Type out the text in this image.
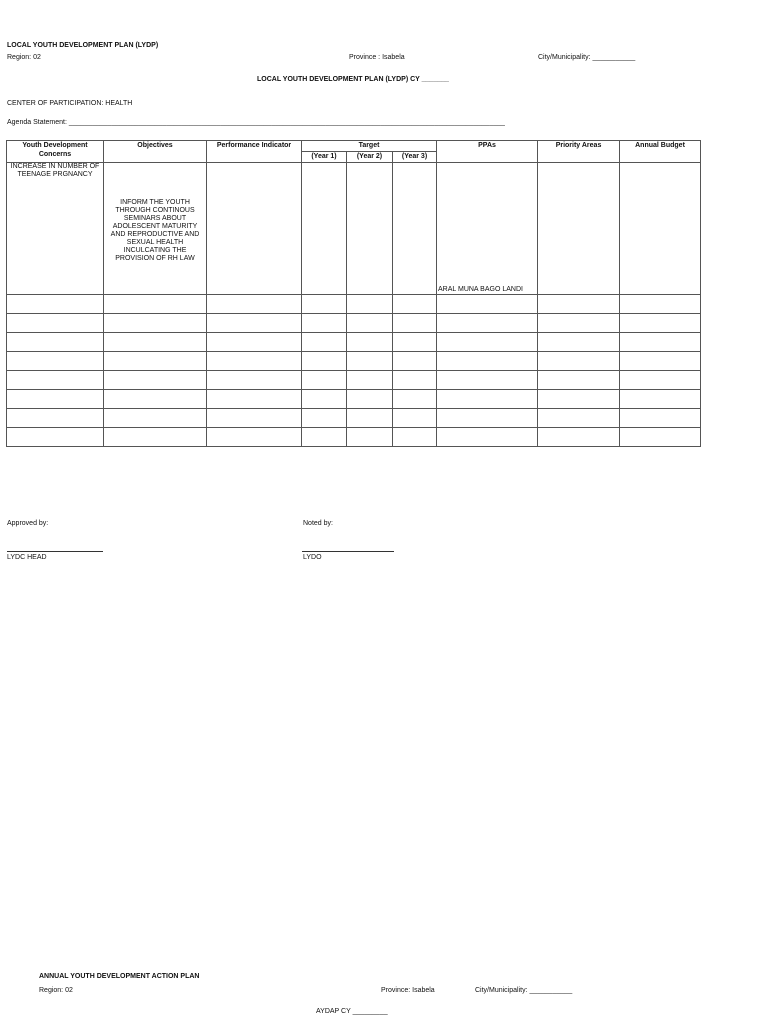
LOCAL YOUTH DEVELOPMENT PLAN (LYDP)
Region: 02	Province : Isabela	City/Municipality: ___________
LOCAL YOUTH DEVELOPMENT PLAN (LYDP) CY _______
CENTER OF PARTICIPATION: HEALTH
Agenda Statement: ________________________________________________________________________________________________________________
Youth Development Concerns	Objectives	Performance Indicator	Target			PPAs	Priority Areas	Annual Budget
			(Year 1)	(Year 2)	(Year 3)			
INCREASE IN NUMBER OF TEENAGE PRGNANCY	INFORM THE YOUTH THROUGH CONTINOUS SEMINARS ABOUT ADOLESCENT MATURITY AND REPRODUCTIVE AND SEXUAL HEALTH INCULCATING THE PROVISION OF RH LAW					ARAL MUNA BAGO LANDI		

Approved by:
LYDC HEAD
Noted by:
LYDO
ANNUAL YOUTH DEVELOPMENT ACTION PLAN
Region: 02	Province: Isabela	City/Municipality: ___________
AYDAP CY _________
